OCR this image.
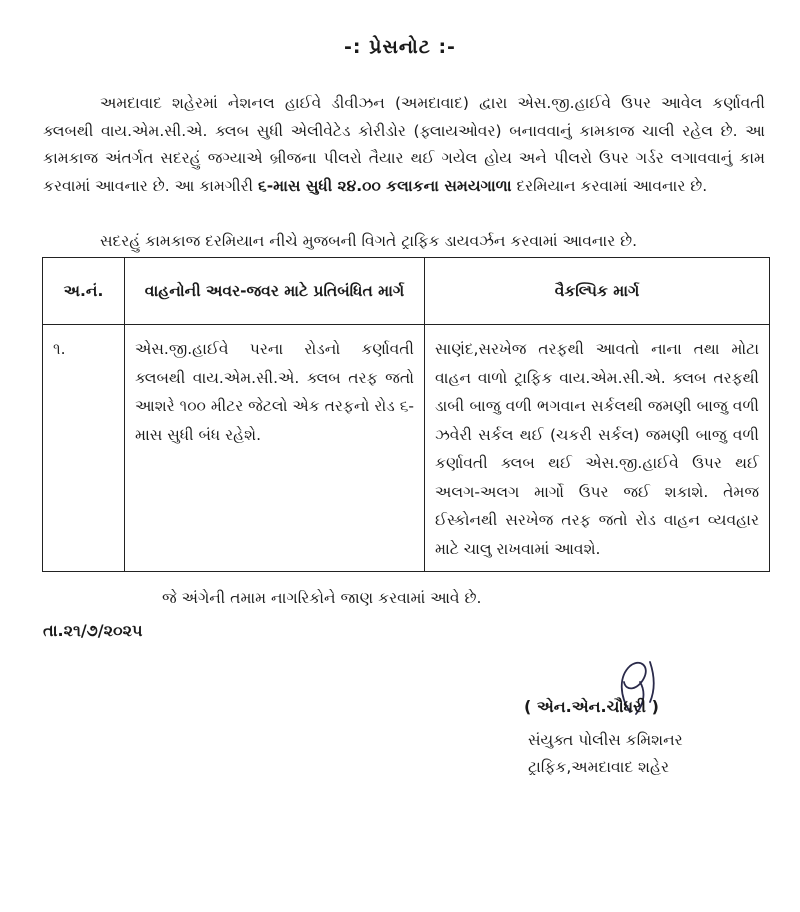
-: પ્રેસનોટ :-
અમદાવાદ શહેરમાં નેશનલ હાઈવે ડીવીઝન (અમદાવાદ) દ્વારા એસ.જી.હાઈવે ઉપર આવેલ કર્ણાવતી ક્લબથી વાય.એમ.સી.એ. ક્લબ સુધી એલીવેટેડ કોરીડોર (ફ્લાયઓવર) બનાવવાનું કામકાજ ચાલી રહેલ છે. આ કામકાજ અંતર્ગત સદરહું જગ્યાએ બ્રીજના પીલરો તૈયાર થઈ ગયેલ હોય અને પીલરો ઉપર ગર્ડર લગાવવાનું કામ કરવામાં આવનાર છે. આ કામગીરી ૬-માસ સુધી ૨૪.૦૦ કલાકના સમયગાળા દરમિયાન કરવામાં આવનાર છે.
સદરહું કામકાજ દરમિયાન નીચે મુજબની વિગતે ટ્રાફિક ડાયવર્ઝન કરવામાં આવનાર છે.
અ.નં.	વાહનોની અવર-જવર માટે પ્રતિબંધિત માર્ગ	વૈકલ્પિક માર્ગ
૧.	એસ.જી.હાઈવે પરના રોડનો કર્ણાવતી ક્લબથી વાય.એમ.સી.એ. ક્લબ તરફ જતો આશરે ૧૦૦ મીટર જેટલો એક તરફનો રોડ ૬-માસ સુધી બંધ રહેશે.	સાણંદ,સરખેજ તરફથી આવતો નાના તથા મોટા વાહન વાળો ટ્રાફિક વાય.એમ.સી.એ. ક્લબ તરફથી ડાબી બાજુ વળી ભગવાન સર્કલથી જમણી બાજુ વળી ઝવેરી સર્કલ થઈ (ચકરી સર્કલ) જમણી બાજુ વળી કર્ણાવતી ક્લબ થઈ એસ.જી.હાઈવે ઉપર થઈ અલગ-અલગ માર્ગો ઉપર જઈ શકાશે. તેમજ ઈસ્કોનથી સરખેજ તરફ જતો રોડ વાહન વ્યવહાર માટે ચાલુ રાખવામાં આવશે.
જે અંગેની તમામ નાગરિકોને જાણ કરવામાં આવે છે.
તા.૨૧/૭/૨૦૨૫
( એન.એન.ચૌધરી )
સંયુક્ત પોલીસ કમિશનર
ટ્રાફિક,અમદાવાદ શહેર
